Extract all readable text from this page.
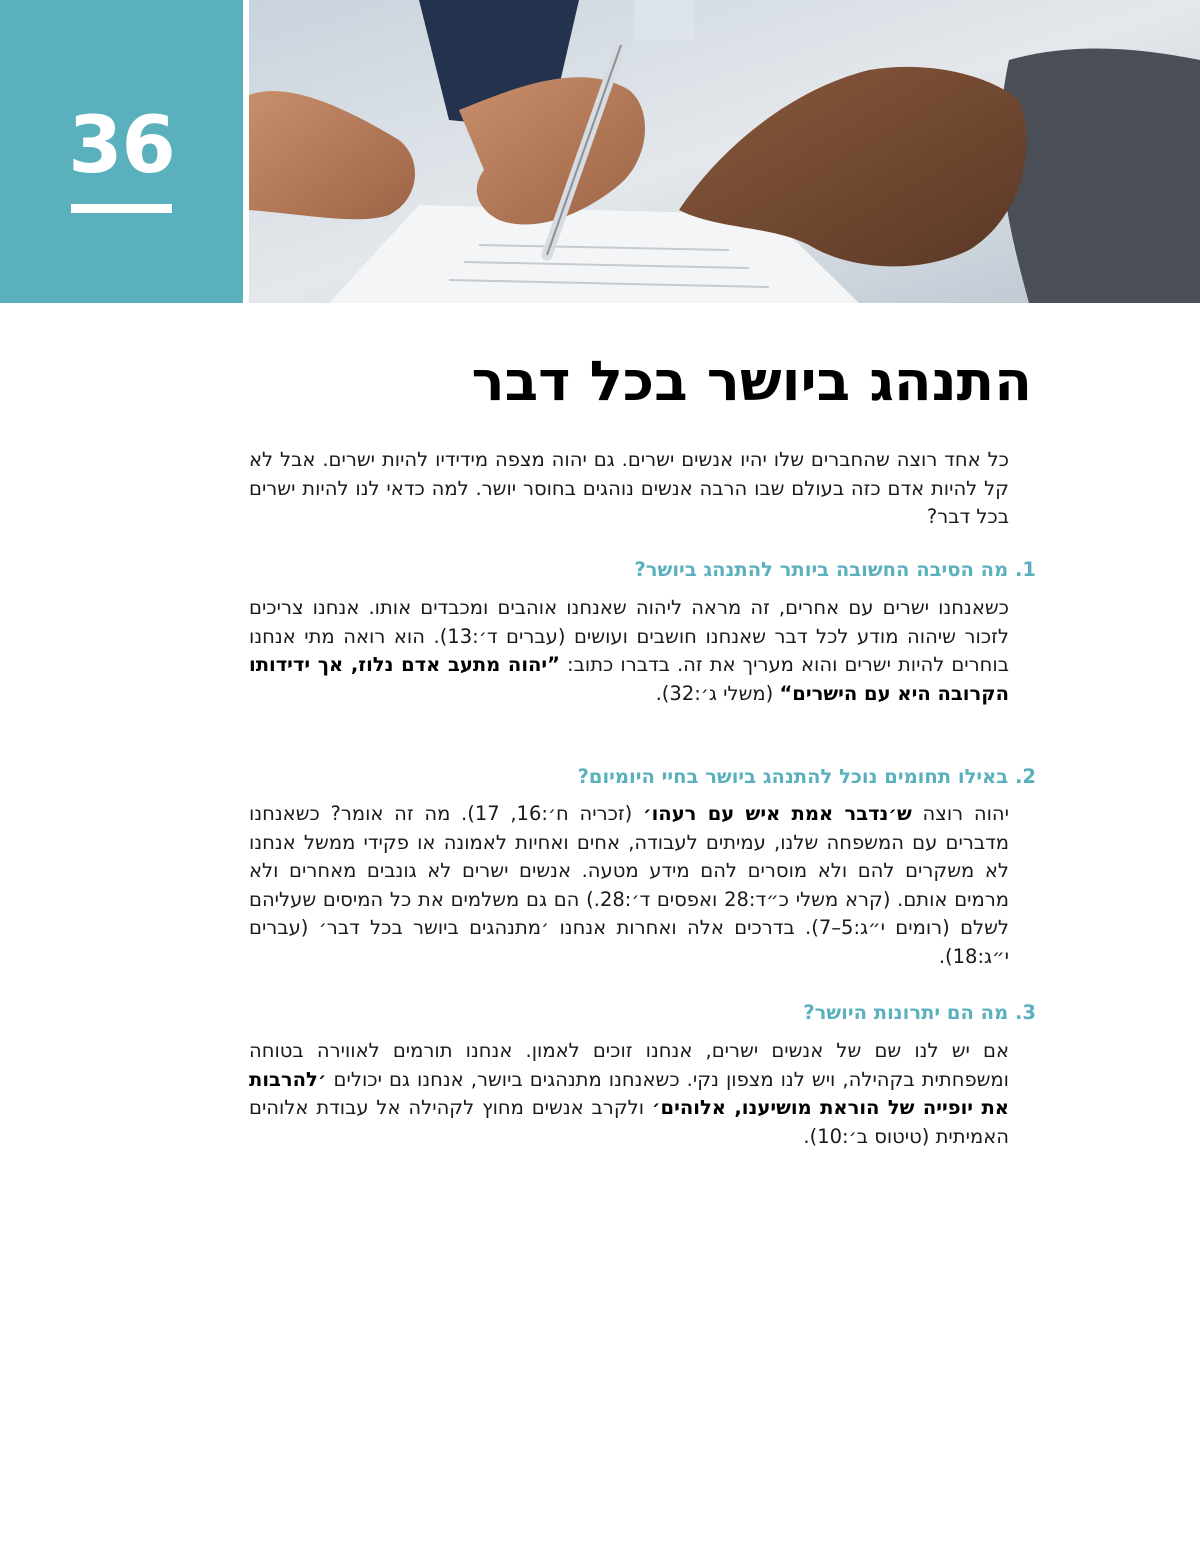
36
התנהג ביושר בכל דבר

כל אחד רוצה שהחברים שלו יהיו אנשים ישרים. גם יהוה מצפה מידידיו להיות ישרים. אבל לא קל להיות אדם כזה בעולם שבו הרבה אנשים נוהגים בחוסר יושר. למה כדאי לנו להיות ישרים בכל דבר?

1. מה הסיבה החשובה ביותר להתנהג ביושר?

כשאנחנו ישרים עם אחרים, זה מראה ליהוה שאנחנו אוהבים ומכבדים אותו. אנחנו צריכים לזכור שיהוה מודע לכל דבר שאנחנו חושבים ועושים (עברים ד׳:13). הוא רואה מתי אנחנו בוחרים להיות ישרים והוא מעריך את זה. בדברו כתוב: ”יהוה מתעב אדם נלוז, אך ידידותו הקרובה היא עם הישרים“ (משלי ג׳:32).

2. באילו תחומים נוכל להתנהג ביושר בחיי היומיום?

יהוה רוצה ש׳נדבר אמת איש עם רעהו׳ (זכריה ח׳:16, 17). מה זה אומר? כשאנחנו מדברים עם המשפחה שלנו, עמיתים לעבודה, אחים ואחיות לאמונה או פקידי ממשל אנחנו לא משקרים להם ולא מוסרים להם מידע מטעה. אנשים ישרים לא גונבים מאחרים ולא מרמים אותם. (קרא משלי כ״ד:28 ואפסים ד׳:28.) הם גם משלמים את כל המיסים שעליהם לשלם (רומים י״ג:5–7). בדרכים אלה ואחרות אנחנו ׳מתנהגים ביושר בכל דבר׳ (עברים י״ג:18).

3. מה הם יתרונות היושר?

אם יש לנו שם של אנשים ישרים, אנחנו זוכים לאמון. אנחנו תורמים לאווירה בטוחה ומשפחתית בקהילה, ויש לנו מצפון נקי. כשאנחנו מתנהגים ביושר, אנחנו גם יכולים ׳להרבות את יופייה של הוראת מושיענו, אלוהים׳ ולקרב אנשים מחוץ לקהילה אל עבודת אלוהים האמיתית (טיטוס ב׳:10).
